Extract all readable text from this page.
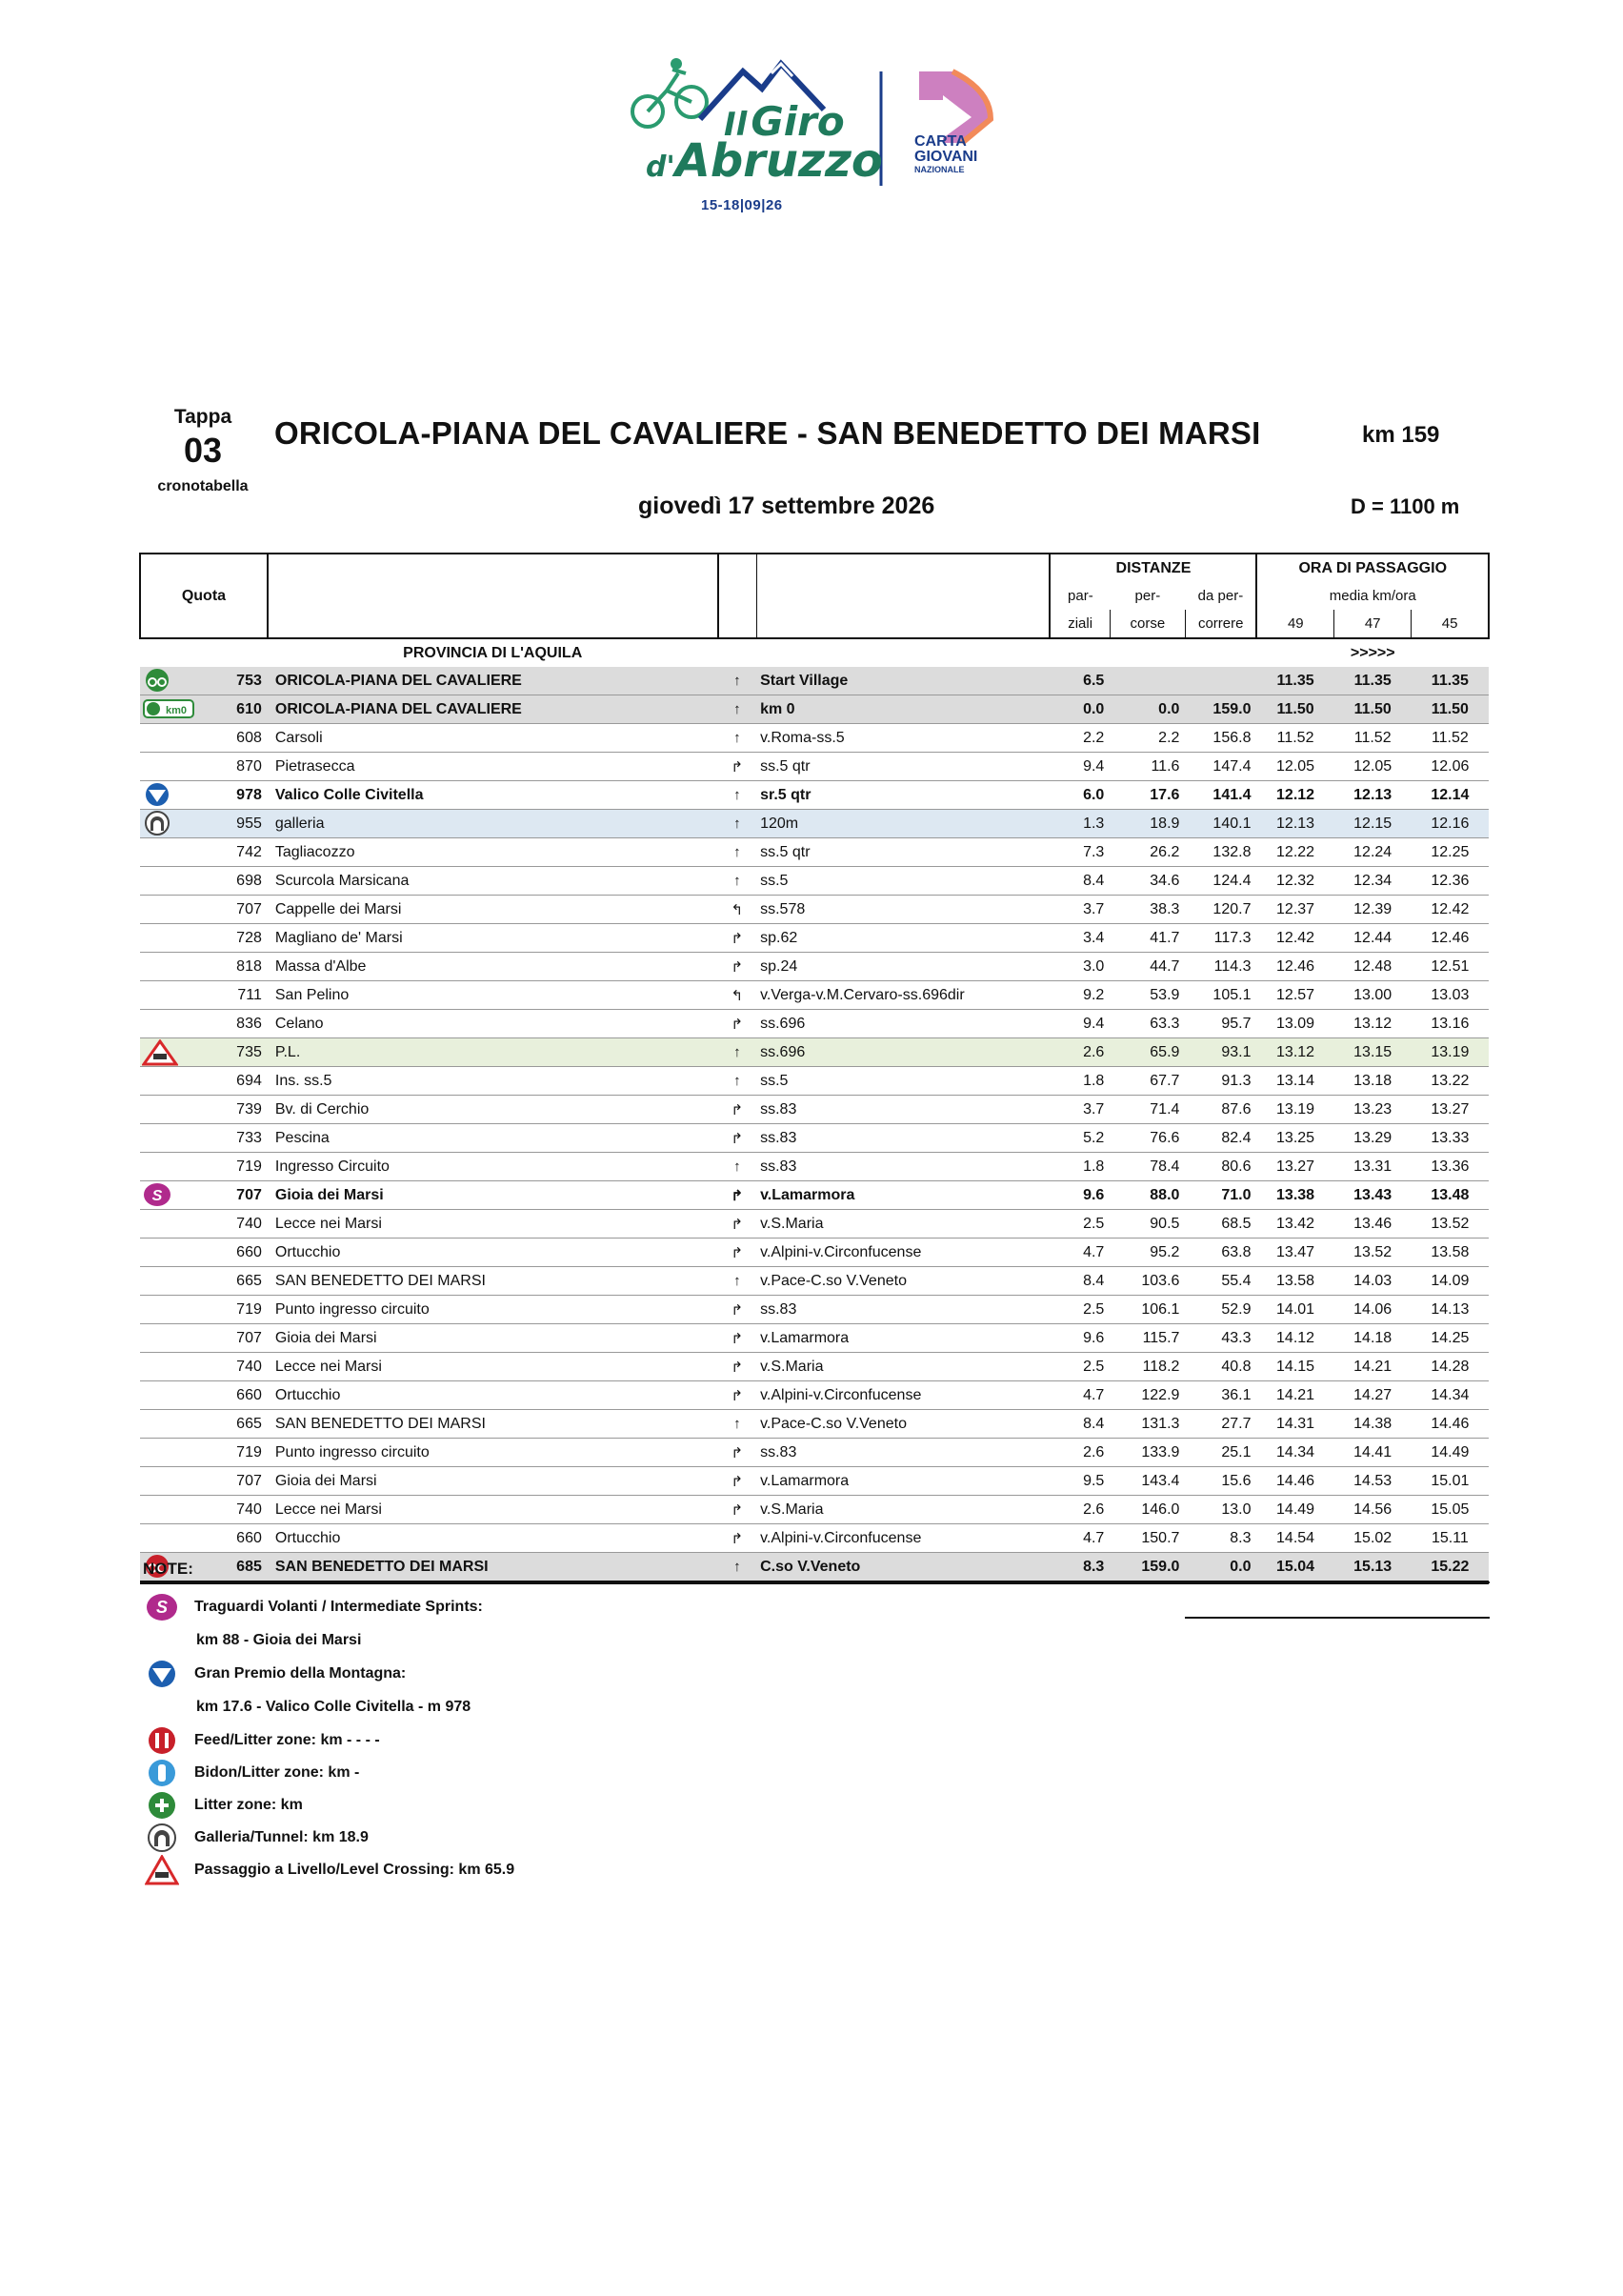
IlGiro
d'Abruzzo
15-18|09|26
CARTA
GIOVANI
NAZIONALE
Tappa
03
cronotabella
ORICOLA-PIANA DEL CAVALIERE - SAN BENEDETTO DEI MARSI	km 159
giovedì 17 settembre 2026	D = 1100 m
Quota				DISTANZE			ORA DI PASSAGGIO		
				par-	per-	da per-	media km/ora		
				ziali	corse	correre	49	47	45
	PROVINCIA DI L'AQUILA						>>>>>		

753	ORICOLA-PIANA DEL CAVALIERE	↑	Start Village	6.5			11.35	11.35	11.35

km0 610	ORICOLA-PIANA DEL CAVALIERE	↑	km 0	0.0	0.0	159.0	11.50	11.50	11.50
608	Carsoli	↑	v.Roma-ss.5	2.2	2.2	156.8	11.52	11.52	11.52
870	Pietrasecca	↱	ss.5 qtr	9.4	11.6	147.4	12.05	12.05	12.06

978	Valico Colle Civitella	↑	sr.5 qtr	6.0	17.6	141.4	12.12	12.13	12.14

955	galleria	↑	120m	1.3	18.9	140.1	12.13	12.15	12.16
742	Tagliacozzo	↑	ss.5 qtr	7.3	26.2	132.8	12.22	12.24	12.25
698	Scurcola Marsicana	↑	ss.5	8.4	34.6	124.4	12.32	12.34	12.36
707	Cappelle dei Marsi	↰	ss.578	3.7	38.3	120.7	12.37	12.39	12.42
728	Magliano de' Marsi	↱	sp.62	3.4	41.7	117.3	12.42	12.44	12.46
818	Massa d'Albe	↱	sp.24	3.0	44.7	114.3	12.46	12.48	12.51
711	San Pelino	↰	v.Verga-v.M.Cervaro-ss.696dir	9.2	53.9	105.1	12.57	13.00	13.03
836	Celano	↱	ss.696	9.4	63.3	95.7	13.09	13.12	13.16

735	P.L.	↑	ss.696	2.6	65.9	93.1	13.12	13.15	13.19
694	Ins. ss.5	↑	ss.5	1.8	67.7	91.3	13.14	13.18	13.22
739	Bv. di Cerchio	↱	ss.83	3.7	71.4	87.6	13.19	13.23	13.27
733	Pescina	↱	ss.83	5.2	76.6	82.4	13.25	13.29	13.33
719	Ingresso Circuito	↑	ss.83	1.8	78.4	80.6	13.27	13.31	13.36

S 707	Gioia dei Marsi	↱	v.Lamarmora	9.6	88.0	71.0	13.38	13.43	13.48
740	Lecce nei Marsi	↱	v.S.Maria	2.5	90.5	68.5	13.42	13.46	13.52
660	Ortucchio	↱	v.Alpini-v.Circonfucense	4.7	95.2	63.8	13.47	13.52	13.58
665	SAN BENEDETTO DEI MARSI	↑	v.Pace-C.so V.Veneto	8.4	103.6	55.4	13.58	14.03	14.09
719	Punto ingresso circuito	↱	ss.83	2.5	106.1	52.9	14.01	14.06	14.13
707	Gioia dei Marsi	↱	v.Lamarmora	9.6	115.7	43.3	14.12	14.18	14.25
740	Lecce nei Marsi	↱	v.S.Maria	2.5	118.2	40.8	14.15	14.21	14.28
660	Ortucchio	↱	v.Alpini-v.Circonfucense	4.7	122.9	36.1	14.21	14.27	14.34
665	SAN BENEDETTO DEI MARSI	↑	v.Pace-C.so V.Veneto	8.4	131.3	27.7	14.31	14.38	14.46
719	Punto ingresso circuito	↱	ss.83	2.6	133.9	25.1	14.34	14.41	14.49
707	Gioia dei Marsi	↱	v.Lamarmora	9.5	143.4	15.6	14.46	14.53	15.01
740	Lecce nei Marsi	↱	v.S.Maria	2.6	146.0	13.0	14.49	14.56	15.05
660	Ortucchio	↱	v.Alpini-v.Circonfucense	4.7	150.7	8.3	14.54	15.02	15.11

685	SAN BENEDETTO DEI MARSI	↑	C.so V.Veneto	8.3	159.0	0.0	15.04	15.13	15.22
NOTE:
S Traguardi Volanti / Intermediate Sprints:
km 88 - Gioia dei Marsi
Gran Premio della Montagna:
km 17.6 - Valico Colle Civitella - m 978
Feed/Litter zone: km - - - -
Bidon/Litter zone: km -
Litter zone: km
Galleria/Tunnel: km 18.9
Passaggio a Livello/Level Crossing: km 65.9
